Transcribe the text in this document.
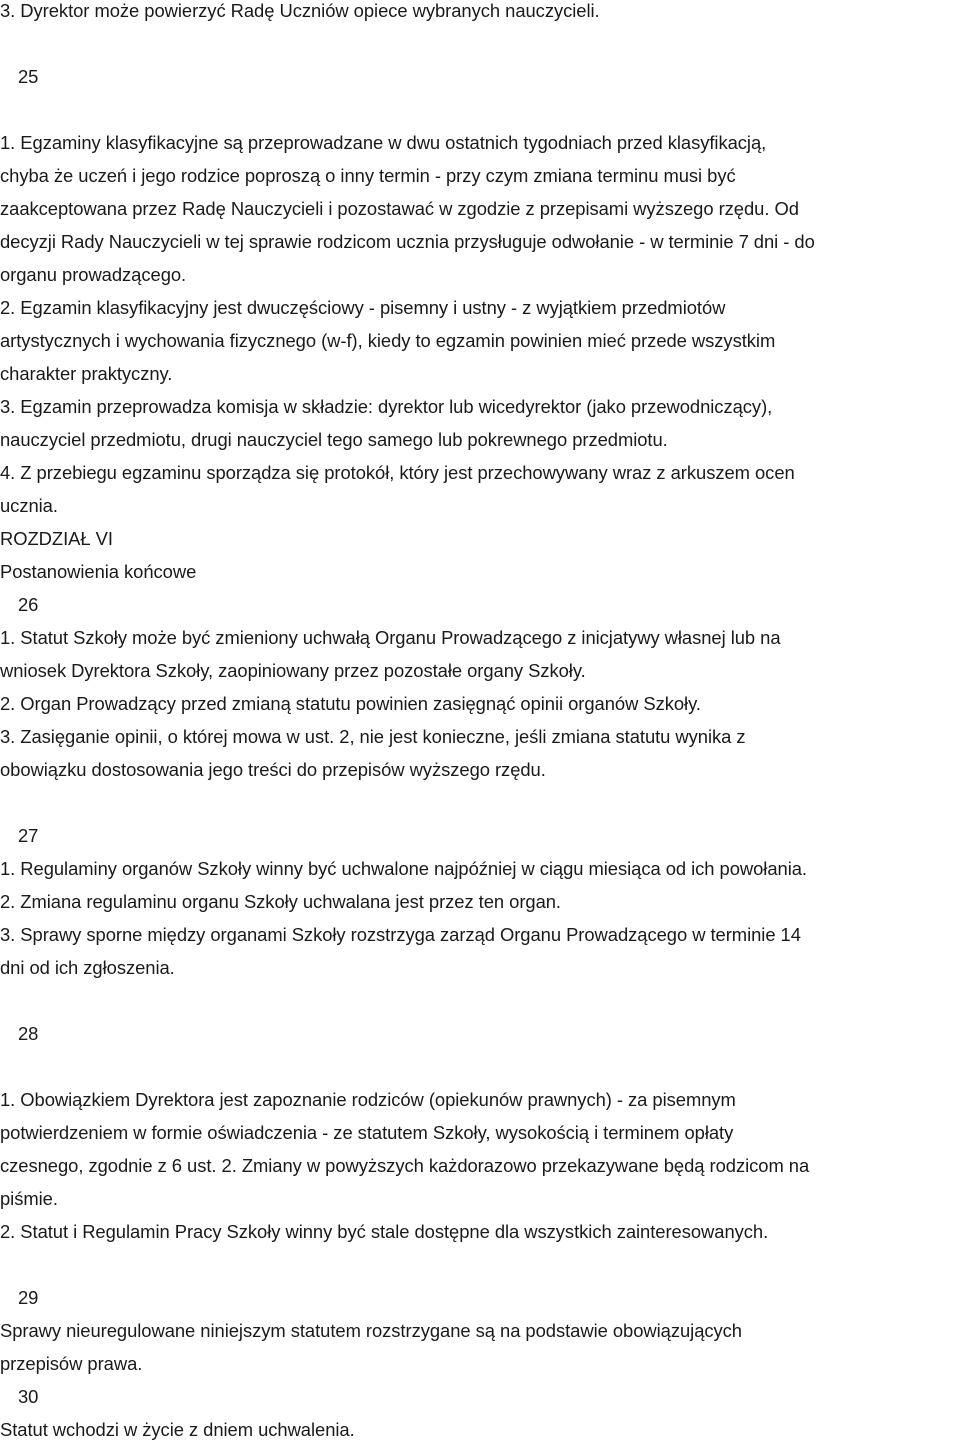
3. Dyrektor może powierzyć Radę Uczniów opiece wybranych nauczycieli.
25
1. Egzaminy klasyfikacyjne są przeprowadzane w dwu ostatnich tygodniach przed klasyfikacją,
chyba że uczeń i jego rodzice poproszą o inny termin - przy czym zmiana terminu musi być
zaakceptowana przez Radę Nauczycieli i pozostawać w zgodzie z przepisami wyższego rzędu. Od
decyzji Rady Nauczycieli w tej sprawie rodzicom ucznia przysługuje odwołanie - w terminie 7 dni - do
organu prowadzącego.
2. Egzamin klasyfikacyjny jest dwuczęściowy - pisemny i ustny - z wyjątkiem przedmiotów
artystycznych i wychowania fizycznego (w-f), kiedy to egzamin powinien mieć przede wszystkim
charakter praktyczny.
3. Egzamin przeprowadza komisja w składzie: dyrektor lub wicedyrektor (jako przewodniczący),
nauczyciel przedmiotu, drugi nauczyciel tego samego lub pokrewnego przedmiotu.
4. Z przebiegu egzaminu sporządza się protokół, który jest przechowywany wraz z arkuszem ocen
ucznia.
ROZDZIAŁ VI
Postanowienia końcowe
26
1. Statut Szkoły może być zmieniony uchwałą Organu Prowadzącego z inicjatywy własnej lub na
wniosek Dyrektora Szkoły, zaopiniowany przez pozostałe organy Szkoły.
2. Organ Prowadzący przed zmianą statutu powinien zasięgnąć opinii organów Szkoły.
3. Zasięganie opinii, o której mowa w ust. 2, nie jest konieczne, jeśli zmiana statutu wynika z
obowiązku dostosowania jego treści do przepisów wyższego rzędu.
27
1. Regulaminy organów Szkoły winny być uchwalone najpóźniej w ciągu miesiąca od ich powołania.
2. Zmiana regulaminu organu Szkoły uchwalana jest przez ten organ.
3. Sprawy sporne między organami Szkoły rozstrzyga zarząd Organu Prowadzącego w terminie 14
dni od ich zgłoszenia.
28
1. Obowiązkiem Dyrektora jest zapoznanie rodziców (opiekunów prawnych) - za pisemnym
potwierdzeniem w formie oświadczenia - ze statutem Szkoły, wysokością i terminem opłaty
czesnego, zgodnie z 6 ust. 2. Zmiany w powyższych każdorazowo przekazywane będą rodzicom na
piśmie.
2. Statut i Regulamin Pracy Szkoły winny być stale dostępne dla wszystkich zainteresowanych.
29
Sprawy nieuregulowane niniejszym statutem rozstrzygane są na podstawie obowiązujących
przepisów prawa.
30
Statut wchodzi w życie z dniem uchwalenia.
